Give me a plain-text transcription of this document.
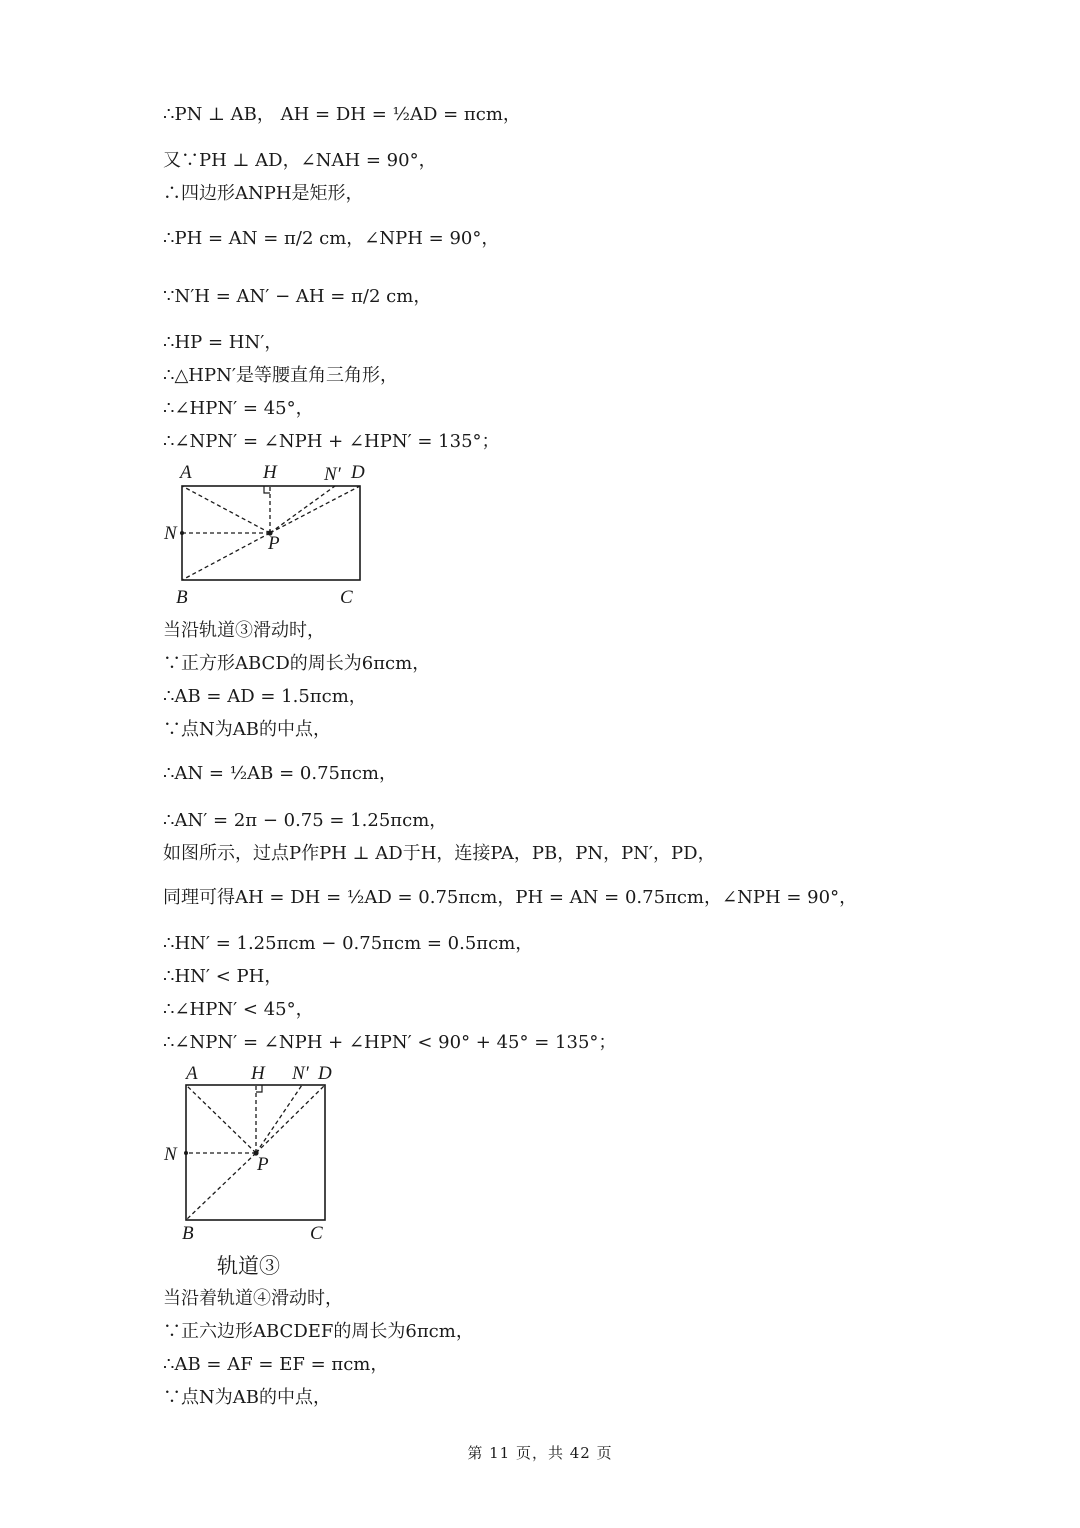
∴PN ⊥ AB， AH = DH = ½AD = πcm，
又∵PH ⊥ AD，∠NAH = 90°，
∴四边形ANPH是矩形，
∴PH = AN = π/2 cm，∠NPH = 90°，
∵N′H = AN′ − AH = π/2 cm，
∴HP = HN′，
∴△HPN′是等腰直角三角形，
∴∠HPN′ = 45°，
∴∠NPN′ = ∠NPH + ∠HPN′ = 135°；
A	H N′ D
N	P
B	C
当沿轨道③滑动时，
∵正方形ABCD的周长为6πcm，
∴AB = AD = 1.5πcm，
∵点N为AB的中点，
∴AN = ½AB = 0.75πcm，
∴AN′ = 2π − 0.75 = 1.25πcm，
如图所示，过点P作PH ⊥ AD于H，连接PA，PB，PN，PN′，PD，
同理可得AH = DH = ½AD = 0.75πcm，PH = AN = 0.75πcm，∠NPH = 90°，
∴HN′ = 1.25πcm − 0.75πcm = 0.5πcm，
∴HN′ < PH，
∴∠HPN′ < 45°，
∴∠NPN′ = ∠NPH + ∠HPN′ < 90° + 45° = 135°；
A	H N′ D
N	P
B	C
轨道③
当沿着轨道④滑动时，
∵正六边形ABCDEF的周长为6πcm，
∴AB = AF = EF = πcm，
∵点N为AB的中点，
第 11 页，共 42 页
